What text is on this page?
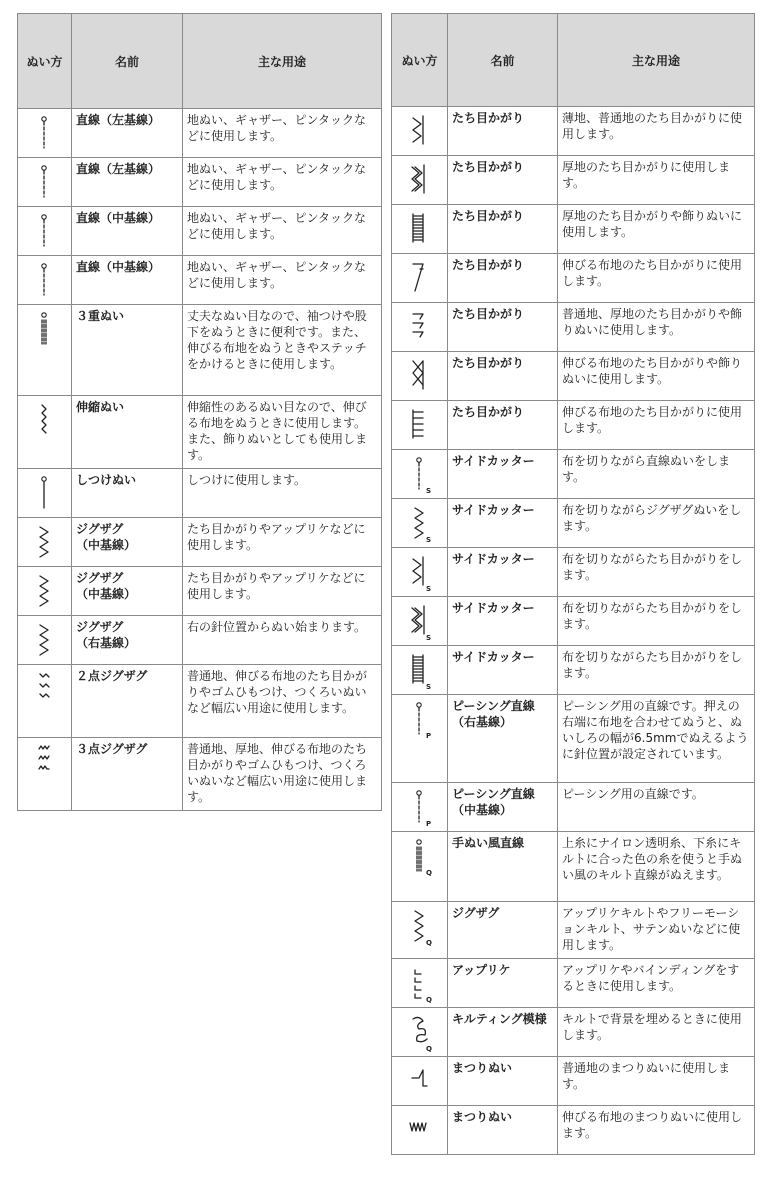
ぬい方	名前	主な用途

	直線（左基線）	地ぬい、ギャザー、ピンタックなどに使用します。

	直線（左基線）	地ぬい、ギャザー、ピンタックなどに使用します。

	直線（中基線）	地ぬい、ギャザー、ピンタックなどに使用します。

	直線（中基線）	地ぬい、ギャザー、ピンタックなどに使用します。

	３重ぬい	丈夫なぬい目なので、袖つけや股下をぬうときに便利です。また、伸びる布地をぬうときやステッチをかけるときに使用します。

	伸縮ぬい	伸縮性のあるぬい目なので、伸びる布地をぬうときに使用します。また、飾りぬいとしても使用します。

	しつけぬい	しつけに使用します。

	ジグザグ
（中基線）	たち目かがりやアップリケなどに使用します。

	ジグザグ
（中基線）	たち目かがりやアップリケなどに使用します。

	ジグザグ
（右基線）	右の針位置からぬい始まります。

	２点ジグザグ	普通地、伸びる布地のたち目かがりやゴムひもつけ、つくろいぬいなど幅広い用途に使用します。

	３点ジグザグ	普通地、厚地、伸びる布地のたち目かがりやゴムひもつけ、つくろいぬいなど幅広い用途に使用します。
ぬい方	名前	主な用途

	たち目かがり	薄地、普通地のたち目かがりに使用します。

	たち目かがり	厚地のたち目かがりに使用します。

	たち目かがり	厚地のたち目かがりや飾りぬいに使用します。

	たち目かがり	伸びる布地のたち目かがりに使用します。

	たち目かがり	普通地、厚地のたち目かがりや飾りぬいに使用します。

	たち目かがり	伸びる布地のたち目かがりや飾りぬいに使用します。

	たち目かがり	伸びる布地のたち目かがりに使用します。

S	サイドカッター	布を切りながら直線ぬいをします。

S	サイドカッター	布を切りながらジグザグぬいをします。

S	サイドカッター	布を切りながらたち目かがりをします。

S	サイドカッター	布を切りながらたち目かがりをします。

S	サイドカッター	布を切りながらたち目かがりをします。

P	ピーシング直線
（右基線）	ピーシング用の直線です。押えの右端に布地を合わせてぬうと、ぬいしろの幅が6.5mmでぬえるように針位置が設定されています。

P	ピーシング直線
（中基線）	ピーシング用の直線です。

Q	手ぬい風直線	上糸にナイロン透明糸、下糸にキルトに合った色の糸を使うと手ぬい風のキルト直線がぬえます。

Q	ジグザグ	アップリケキルトやフリーモーションキルト、サテンぬいなどに使用します。

Q	アップリケ	アップリケやバインディングをするときに使用します。

Q	キルティング模様	キルトで背景を埋めるときに使用します。

	まつりぬい	普通地のまつりぬいに使用します。

	まつりぬい	伸びる布地のまつりぬいに使用します。
